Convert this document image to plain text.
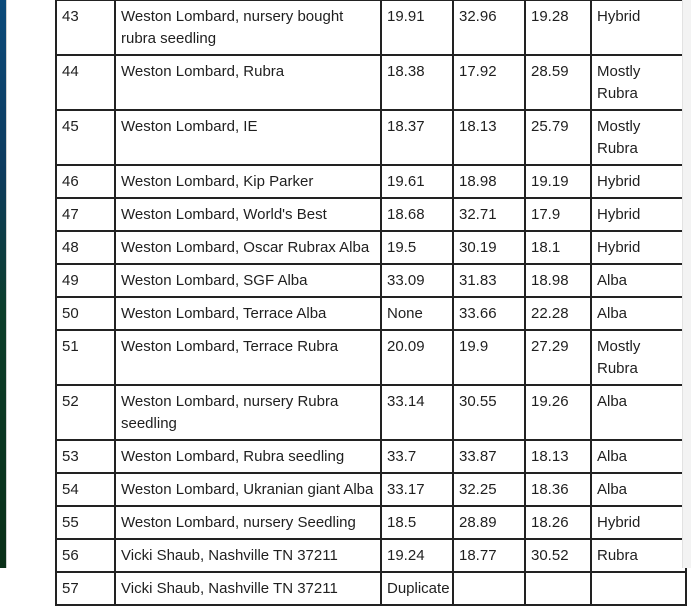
43	Weston Lombard, nursery bought rubra seedling	19.91	32.96	19.28	Hybrid
44	Weston Lombard, Rubra	18.38	17.92	28.59	Mostly Rubra
45	Weston Lombard, IE	18.37	18.13	25.79	Mostly Rubra
46	Weston Lombard, Kip Parker	19.61	18.98	19.19	Hybrid
47	Weston Lombard, World's Best	18.68	32.71	17.9	Hybrid
48	Weston Lombard, Oscar Rubrax Alba	19.5	30.19	18.1	Hybrid
49	Weston Lombard, SGF Alba	33.09	31.83	18.98	Alba
50	Weston Lombard, Terrace Alba	None	33.66	22.28	Alba
51	Weston Lombard, Terrace Rubra	20.09	19.9	27.29	Mostly Rubra
52	Weston Lombard, nursery Rubra seedling	33.14	30.55	19.26	Alba
53	Weston Lombard, Rubra seedling	33.7	33.87	18.13	Alba
54	Weston Lombard, Ukranian giant Alba	33.17	32.25	18.36	Alba
55	Weston Lombard, nursery Seedling	18.5	28.89	18.26	Hybrid
56	Vicki Shaub, Nashville TN 37211	19.24	18.77	30.52	Rubra
57	Vicki Shaub, Nashville TN 37211	Duplicate			
